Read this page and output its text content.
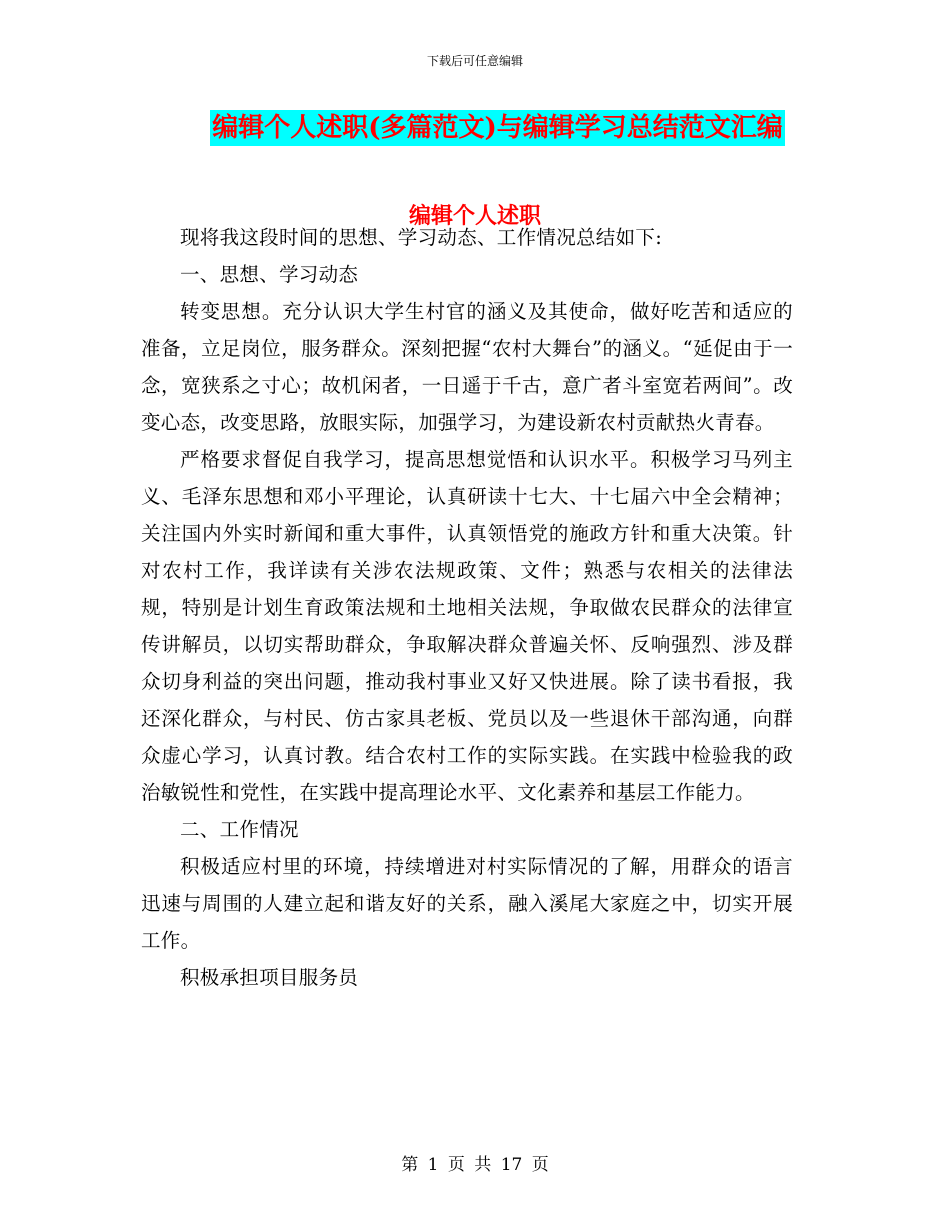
下载后可任意编辑
编辑个人述职(多篇范文)与编辑学习总结范文汇编
编辑个人述职

现将我这段时间的思想、学习动态、工作情况总结如下:

一、思想、学习动态

转变思想。充分认识大学生村官的涵义及其使命，做好吃苦和适应的准备，立足岗位，服务群众。深刻把握“农村大舞台”的涵义。“延促由于一念，宽狭系之寸心；故机闲者，一日遥于千古，意广者斗室宽若两间”。改变心态，改变思路，放眼实际，加强学习，为建设新农村贡献热火青春。

严格要求督促自我学习，提高思想觉悟和认识水平。积极学习马列主义、毛泽东思想和邓小平理论，认真研读十七大、十七届六中全会精神；关注国内外实时新闻和重大事件，认真领悟党的施政方针和重大决策。针对农村工作，我详读有关涉农法规政策、文件；熟悉与农相关的法律法规，特别是计划生育政策法规和土地相关法规，争取做农民群众的法律宣传讲解员，以切实帮助群众，争取解决群众普遍关怀、反响强烈、涉及群众切身利益的突出问题，推动我村事业又好又快进展。除了读书看报，我还深化群众，与村民、仿古家具老板、党员以及一些退休干部沟通，向群众虚心学习，认真讨教。结合农村工作的实际实践。在实践中检验我的政治敏锐性和党性，在实践中提高理论水平、文化素养和基层工作能力。

二、工作情况

积极适应村里的环境，持续增进对村实际情况的了解，用群众的语言迅速与周围的人建立起和谐友好的关系，融入溪尾大家庭之中，切实开展工作。

积极承担项目服务员

第 1 页 共 17 页
